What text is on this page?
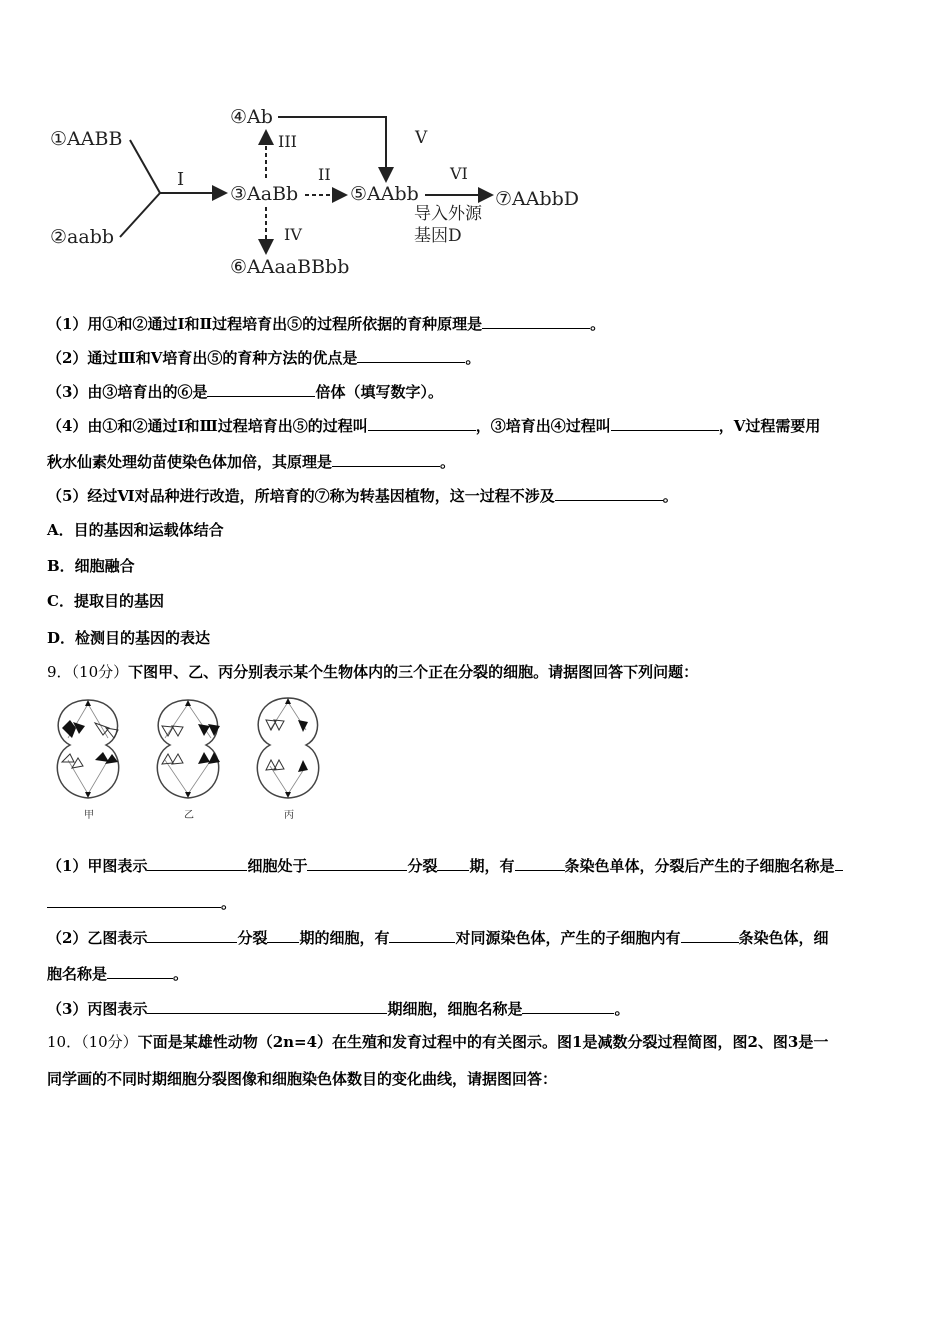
①AABB
②aabb
④Ab
③AaBb	⑤AAbb	⑦AAbbD
⑥AAaaBBbb
I
III
IV
II
V
VI
导入外源
基因D
（1）用①和②通过Ⅰ和Ⅱ过程培育出⑤的过程所依据的育种原理是	。
（2）通过Ⅲ和Ⅴ培育出⑤的育种方法的优点是	。
（3）由③培育出的⑥是	倍体（填写数字）。
（4）由①和②通过Ⅰ和Ⅲ过程培育出⑤的过程叫	，③培育出④过程叫	，Ⅴ过程需要用
秋水仙素处理幼苗使染色体加倍，其原理是	。
（5）经过Ⅵ对品种进行改造，所培育的⑦称为转基因植物，这一过程不涉及	。
A．目的基因和运载体结合
B．细胞融合
C．提取目的基因
D．检测目的基因的表达
9．（10分）下图甲、乙、丙分别表示某个生物体内的三个正在分裂的细胞。请据图回答下列问题：
甲	乙	丙
（1）甲图表示	细胞处于	分裂 期，有	条染色单体，分裂后产生的子细胞名称是
。
（2）乙图表示	分裂 期的细胞，有	对同源染色体，产生的子细胞内有	条染色体，细
胞名称是	。
（3）丙图表示	期细胞，细胞名称是	。
10．（10分）下面是某雄性动物（2n=4）在生殖和发育过程中的有关图示。图1是减数分裂过程简图，图2、图3是一
同学画的不同时期细胞分裂图像和细胞染色体数目的变化曲线，请据图回答：
